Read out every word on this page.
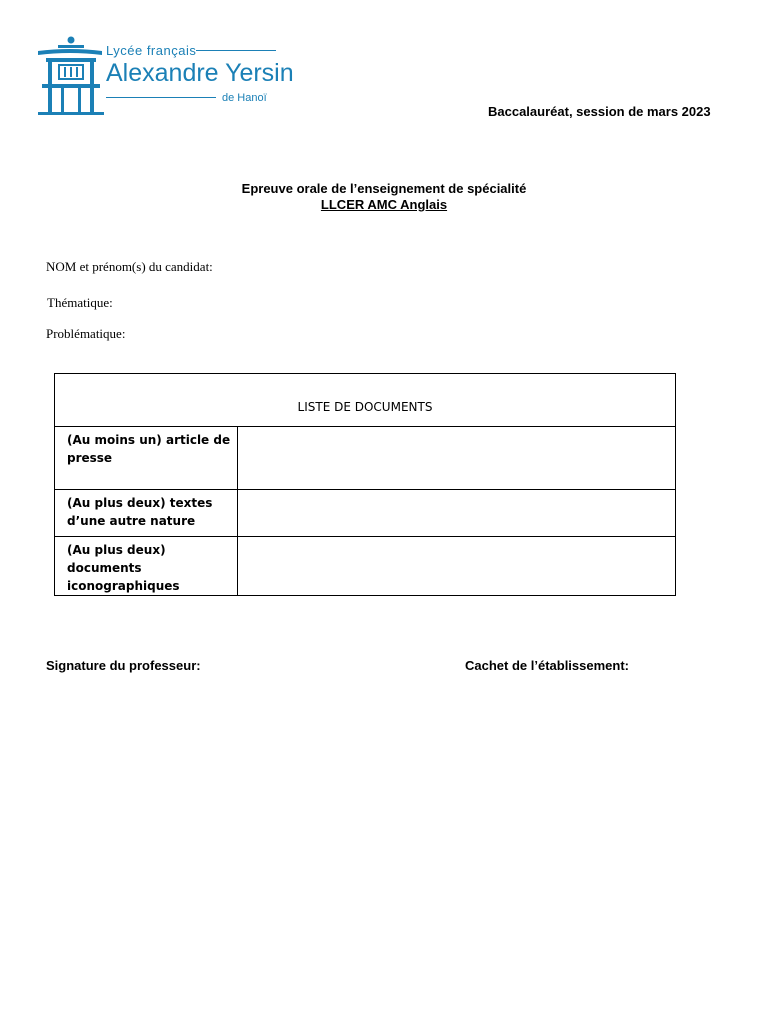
Lycée français
Alexandre Yersin
de Hanoï
Baccalauréat, session de mars 2023
Epreuve orale de l’enseignement de spécialité
LLCER AMC Anglais
NOM et prénom(s) du candidat:
Thématique:
Problématique:
LISTE DE DOCUMENTS	
(Au moins un) article de presse	
(Au plus deux) textes d’une autre nature	
(Au plus deux) documents iconographiques	
Signature du professeur:	Cachet de l’établissement:
